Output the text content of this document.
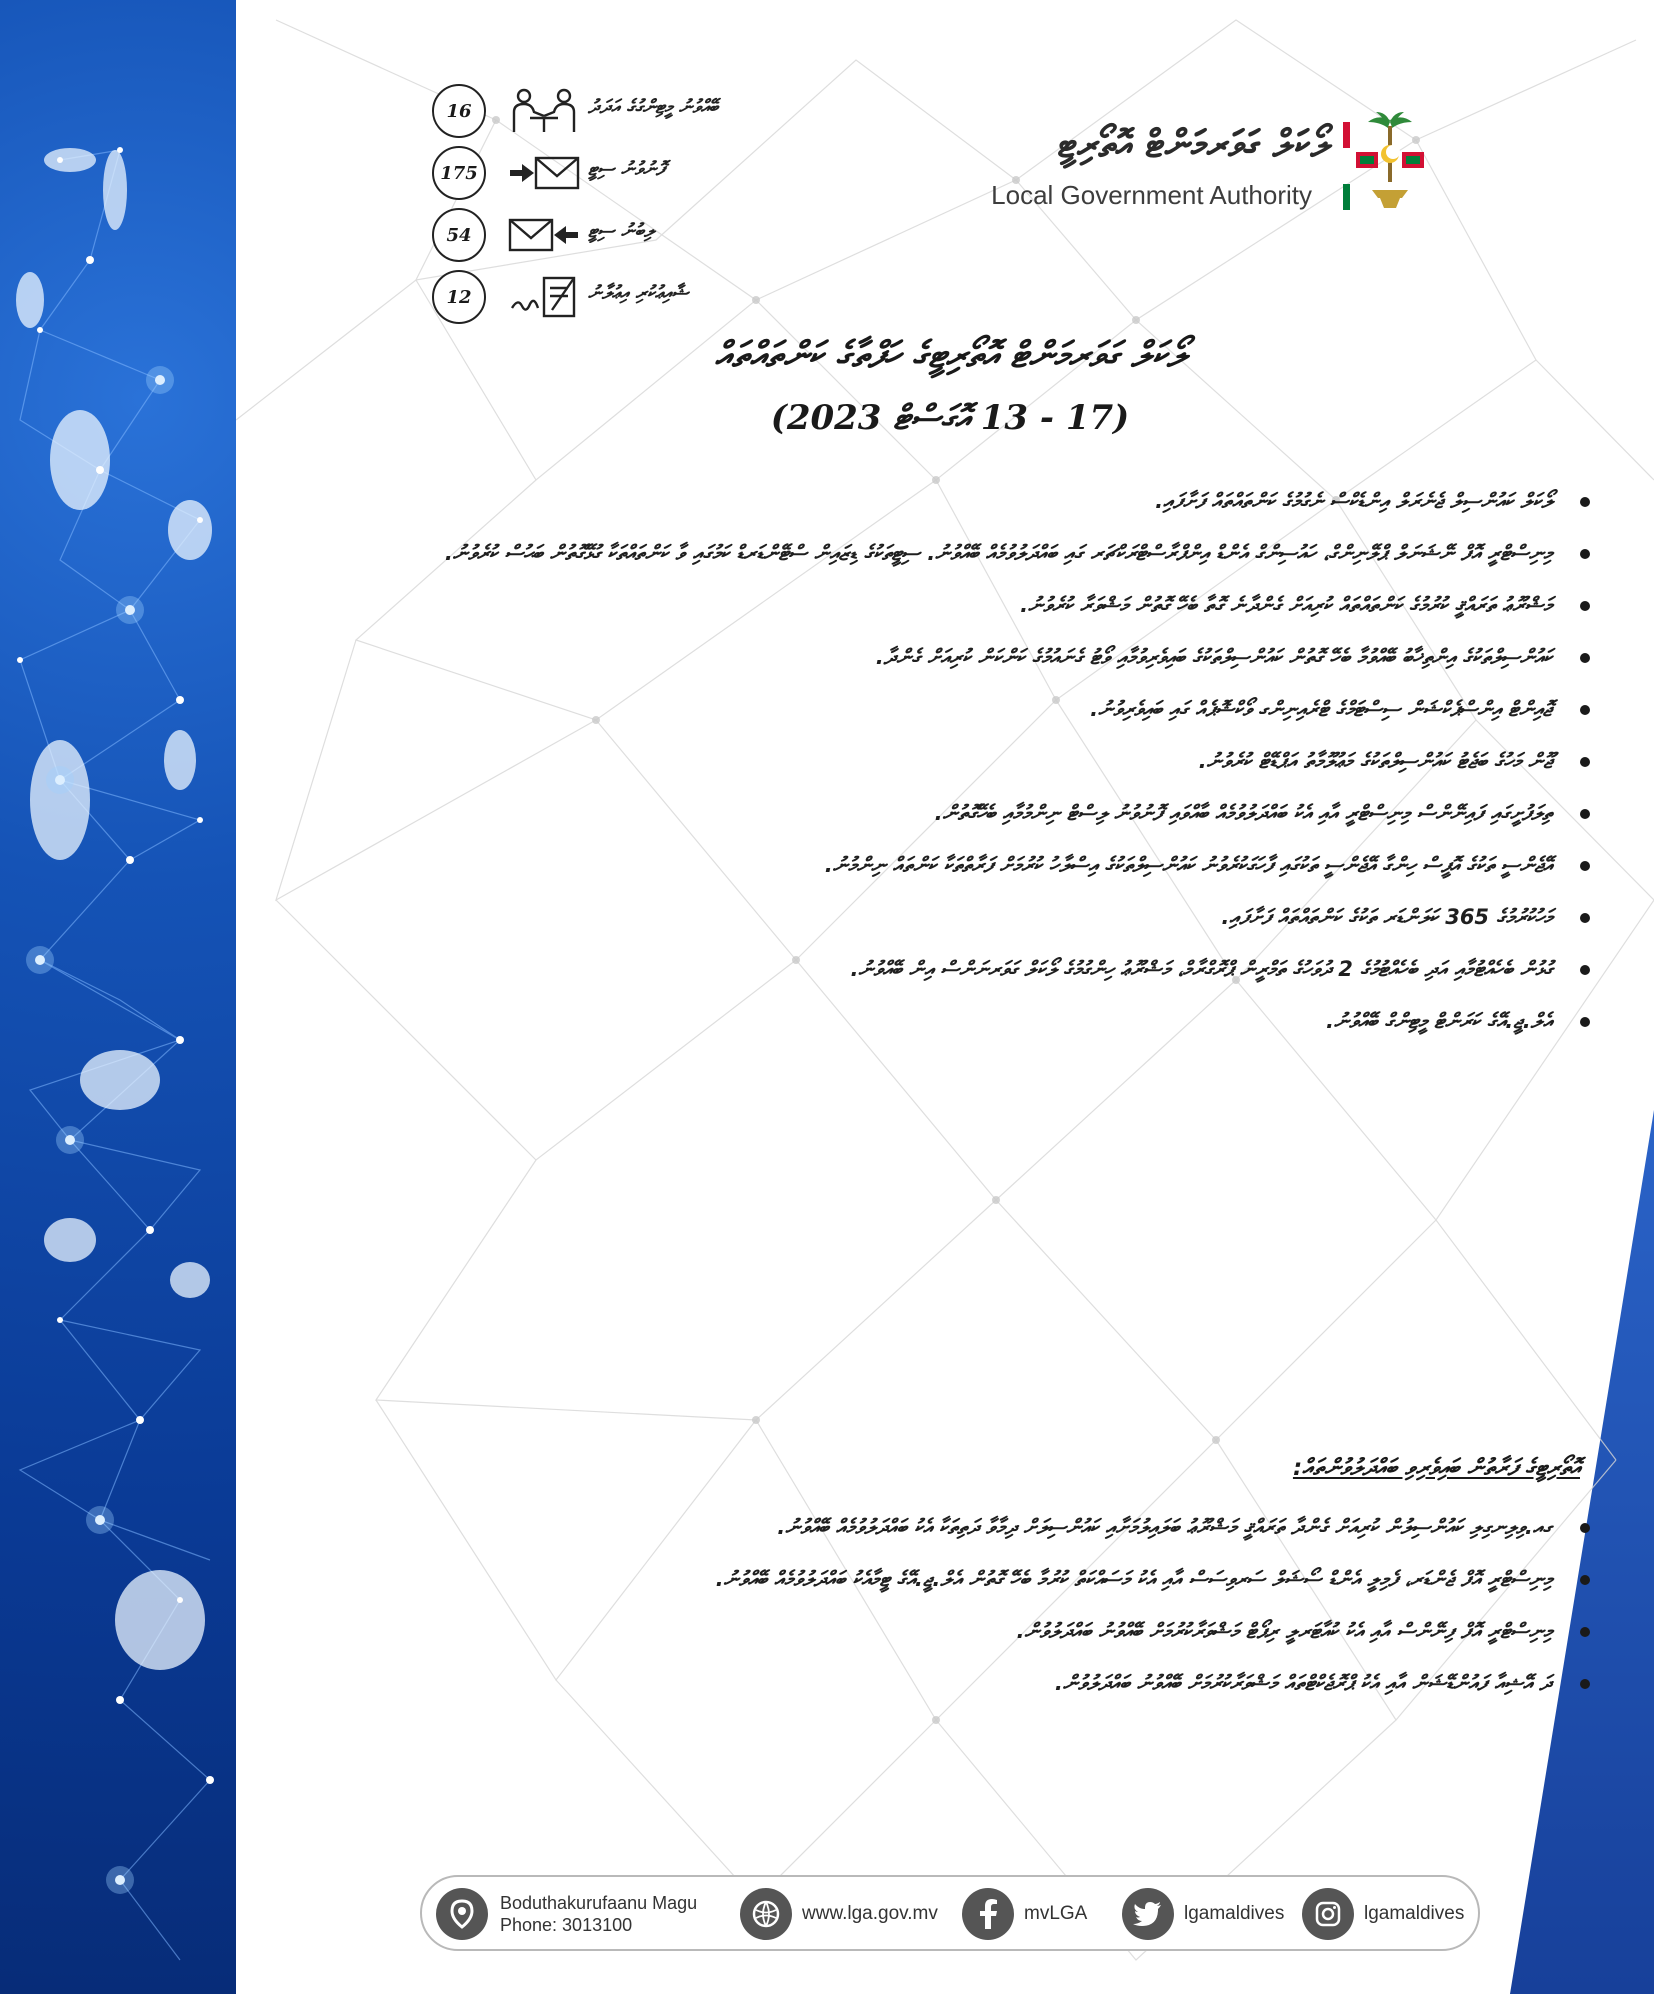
16	ބޭއްވުނު މީޓިންގުގެ އަދަދު
175	ފޮނުވުނު ސިޓީ
54	ލިބުނު ސިޓީ
12	ޝާއިޢުކުރި އިޢުލާނު
ލޯކަލް ގަވަރމަންޓް އޮތޯރިޓީ
Local Government Authority
ލޯކަލް ގަވަރމަންޓް އޮތޯރިޓީގެ ހަފްތާގެ ކަންތައްތައް
(17 - 13 އޮގަސްޓް 2023)
ލޯކަލް ކައުންސިލް ޖެނެރަލް އިންޑެކްސް ނެގުމުގެ ކަންތައްތައް ފަށާފައި.
މިނިސްޓްރީ އޮފް ނޭޝަނަލް ޕްލޭނިންގް، ހައުސިންގް އެންޑް އިންފްރާސްޓްރަކްޗަރ ގައި ބައްދަލުވުމެއް ބޭއްވުނު. ސިޓީތަކުގެ ޑިޒައިން ސްޓޭންޑަރޑް ކަމުގައި ވާ ކަންތައްތަކާ ގުޅޭގޮތުން ބަޙުސް ކުރެވުނު.
މަޝްރޫޢު ތަރައްޤީ ކުރުމުގެ ކަންތައްތައް ކުރިއަށް ގެންދާނެ ގޮތާ ބެހޭ ގޮތުން މަޝްވަރާ ކުރެވުނު.
ކައުންސިލްތަކުގެ އިންތިޚާބު ބޭއްވުމާ ބެހޭ ގޮތުން ކައުންސިލްތަކުގެ ބައިވެރިވުމާއި ވޯޓު ގެނައުމުގެ ކަންކަން ކުރިއަށް ގެންދާ.
ޖޮއިންޓް އިންސްޕެކްޝަން ސިސްޓަމްގެ ޓްރެއިނިންގ ވޯކްޝޮޕެއް ގައި ބައިވެރިވުނު.
ޖޫން މަހުގެ ބަޖެޓު ކައުންސިލްތަކުގެ މަޢުލޫމާތު އަޕްޑޭޓް ކުރެވުނު.
ތިލަފުށީގައި ފައިނޭންސް މިނިސްޓްރީ އާއި އެކު ބައްދަލުވުމެއް ބާއްވައި ފޮނުވުނު ލިސްޓް ނިންމުމާއި ބެހޭގޮތުން.
އޭޖެންސީ ތަކުގެ އޮފީސް ހިންގާ އޭޖެންސީ ތަކުގައި ފާހަގަކުރެވުނު ކައުންސިލްތަކުގެ އިސްލާހު ކުރުމަށް ފަރާތްތަކާ ކަންތައް ނިންމުނު.
މަހުކުރުމުގެ 365 ކަލަންޑަރ ތަކުގެ ކަންތައްތައް ފަށާފައި.
ގުޅުން ބެހެއްޓުމާއި އަދި ބެހެއްޓުމުގެ 2 ދުވަހުގެ ތަމްރީން ޕްރޮގްރާމް، މަޝްރޫޢު ހިންގުމުގެ ލޯކަލް ގަވަރނަންސް އިން ބޭއްވުނު.
އެލް.ޖީ.އޭގެ ކަރަންޓް މީޓިންގް ބޭއްވުނު.
އޮތޯރިޓީގެ ފަރާތުން ބައިވެރިވި ބައްދަލުވުންތައް:
ގއ.ވިލިނގިލި ކައުންސިލުން ކުރިއަށް ގެންދާ ތަރައްޤީ މަޝްރޫޢު ބަލައިލުމަށާއި ކައުންސިލަށް ދިމާވާ ދަތިތަކާ އެކު ބައްދަލުވުމެއް ބޭއްވުނު.
މިނިސްޓްރީ އޮފް ޖެންޑަރ، ފެމިލީ އެންޑް ސޯޝަލް ސަރވިސަސް އާއި އެކު މަސައްކަތް ކުރުމާ ބެހޭ ގޮތުން އެލް.ޖީ.އޭގެ ޓީމާއެކު ބައްދަލުވުމެއް ބޭއްވުނު.
މިނިސްޓްރީ އޮފް ފިނޭންސް އާއި އެކު ކުއާޓަރލީ ރިޕޯޓް މަޝްވަރާކުރުމަށް ބޭއްވުނު ބައްދަލުވުން.
ދަ އޭޝިއާ ފައުންޑޭޝަން އާއި އެކު ޕްރޮޖެކްޓްތައް މަޝްވަރާކުރުމަށް ބޭއްވުނު ބައްދަލުވުން.
Boduthakurufaanu Magu
Phone: 3013100
www.lga.gov.mv	mvLGA	lgamaldives	lgamaldives
